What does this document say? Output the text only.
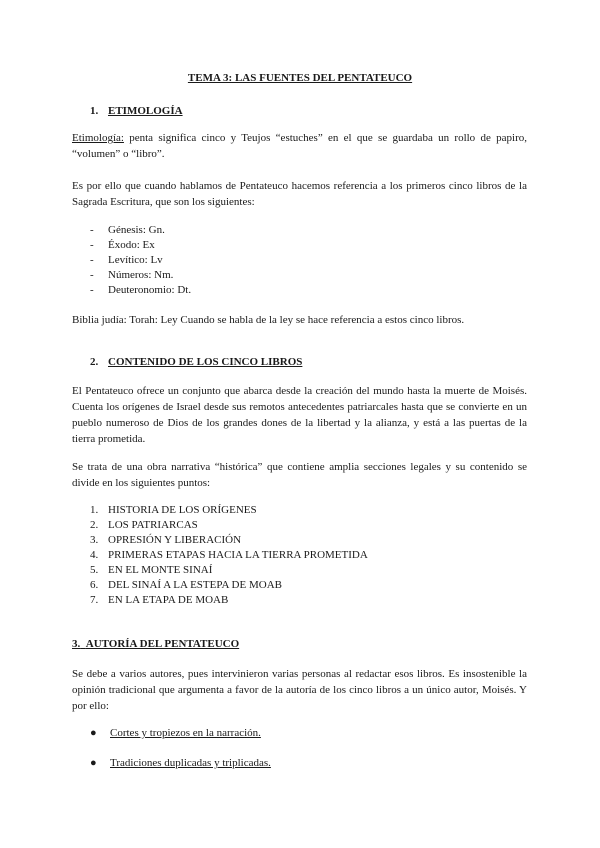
TEMA 3: LAS FUENTES DEL PENTATEUCO
1. ETIMOLOGÍA
Etimología: penta significa cinco y Teujos “estuches” en el que se guardaba un rollo de papiro, “volumen” o “libro”.
Es por ello que cuando hablamos de Pentateuco hacemos referencia a los primeros cinco libros de la Sagrada Escritura, que son los siguientes:
- Génesis: Gn.
- Éxodo: Ex
- Levítico: Lv
- Números: Nm.
- Deuteronomio: Dt.
Biblia judía: Torah: Ley Cuando se habla de la ley se hace referencia a estos cinco libros.
2. CONTENIDO DE LOS CINCO LIBROS
El Pentateuco ofrece un conjunto que abarca desde la creación del mundo hasta la muerte de Moisés. Cuenta los orígenes de Israel desde sus remotos antecedentes patriarcales hasta que se convierte en un pueblo numeroso de Dios de los grandes dones de la libertad y la alianza, y está a las puertas de la tierra prometida.
Se trata de una obra narrativa “histórica” que contiene amplia secciones legales y su contenido se divide en los siguientes puntos:
1. HISTORIA DE LOS ORÍGENES
2. LOS PATRIARCAS
3. OPRESIÓN Y LIBERACIÓN
4. PRIMERAS ETAPAS HACIA LA TIERRA PROMETIDA
5. EN EL MONTE SINAÍ
6. DEL SINAÍ A LA ESTEPA DE MOAB
7. EN LA ETAPA DE MOAB
3. AUTORÍA DEL PENTATEUCO
Se debe a varios autores, pues intervinieron varias personas al redactar esos libros. Es insostenible la opinión tradicional que argumenta a favor de la autoría de los cinco libros a un único autor, Moisés. Y por ello:
● Cortes y tropiezos en la narración.
● Tradiciones duplicadas y triplicadas.
